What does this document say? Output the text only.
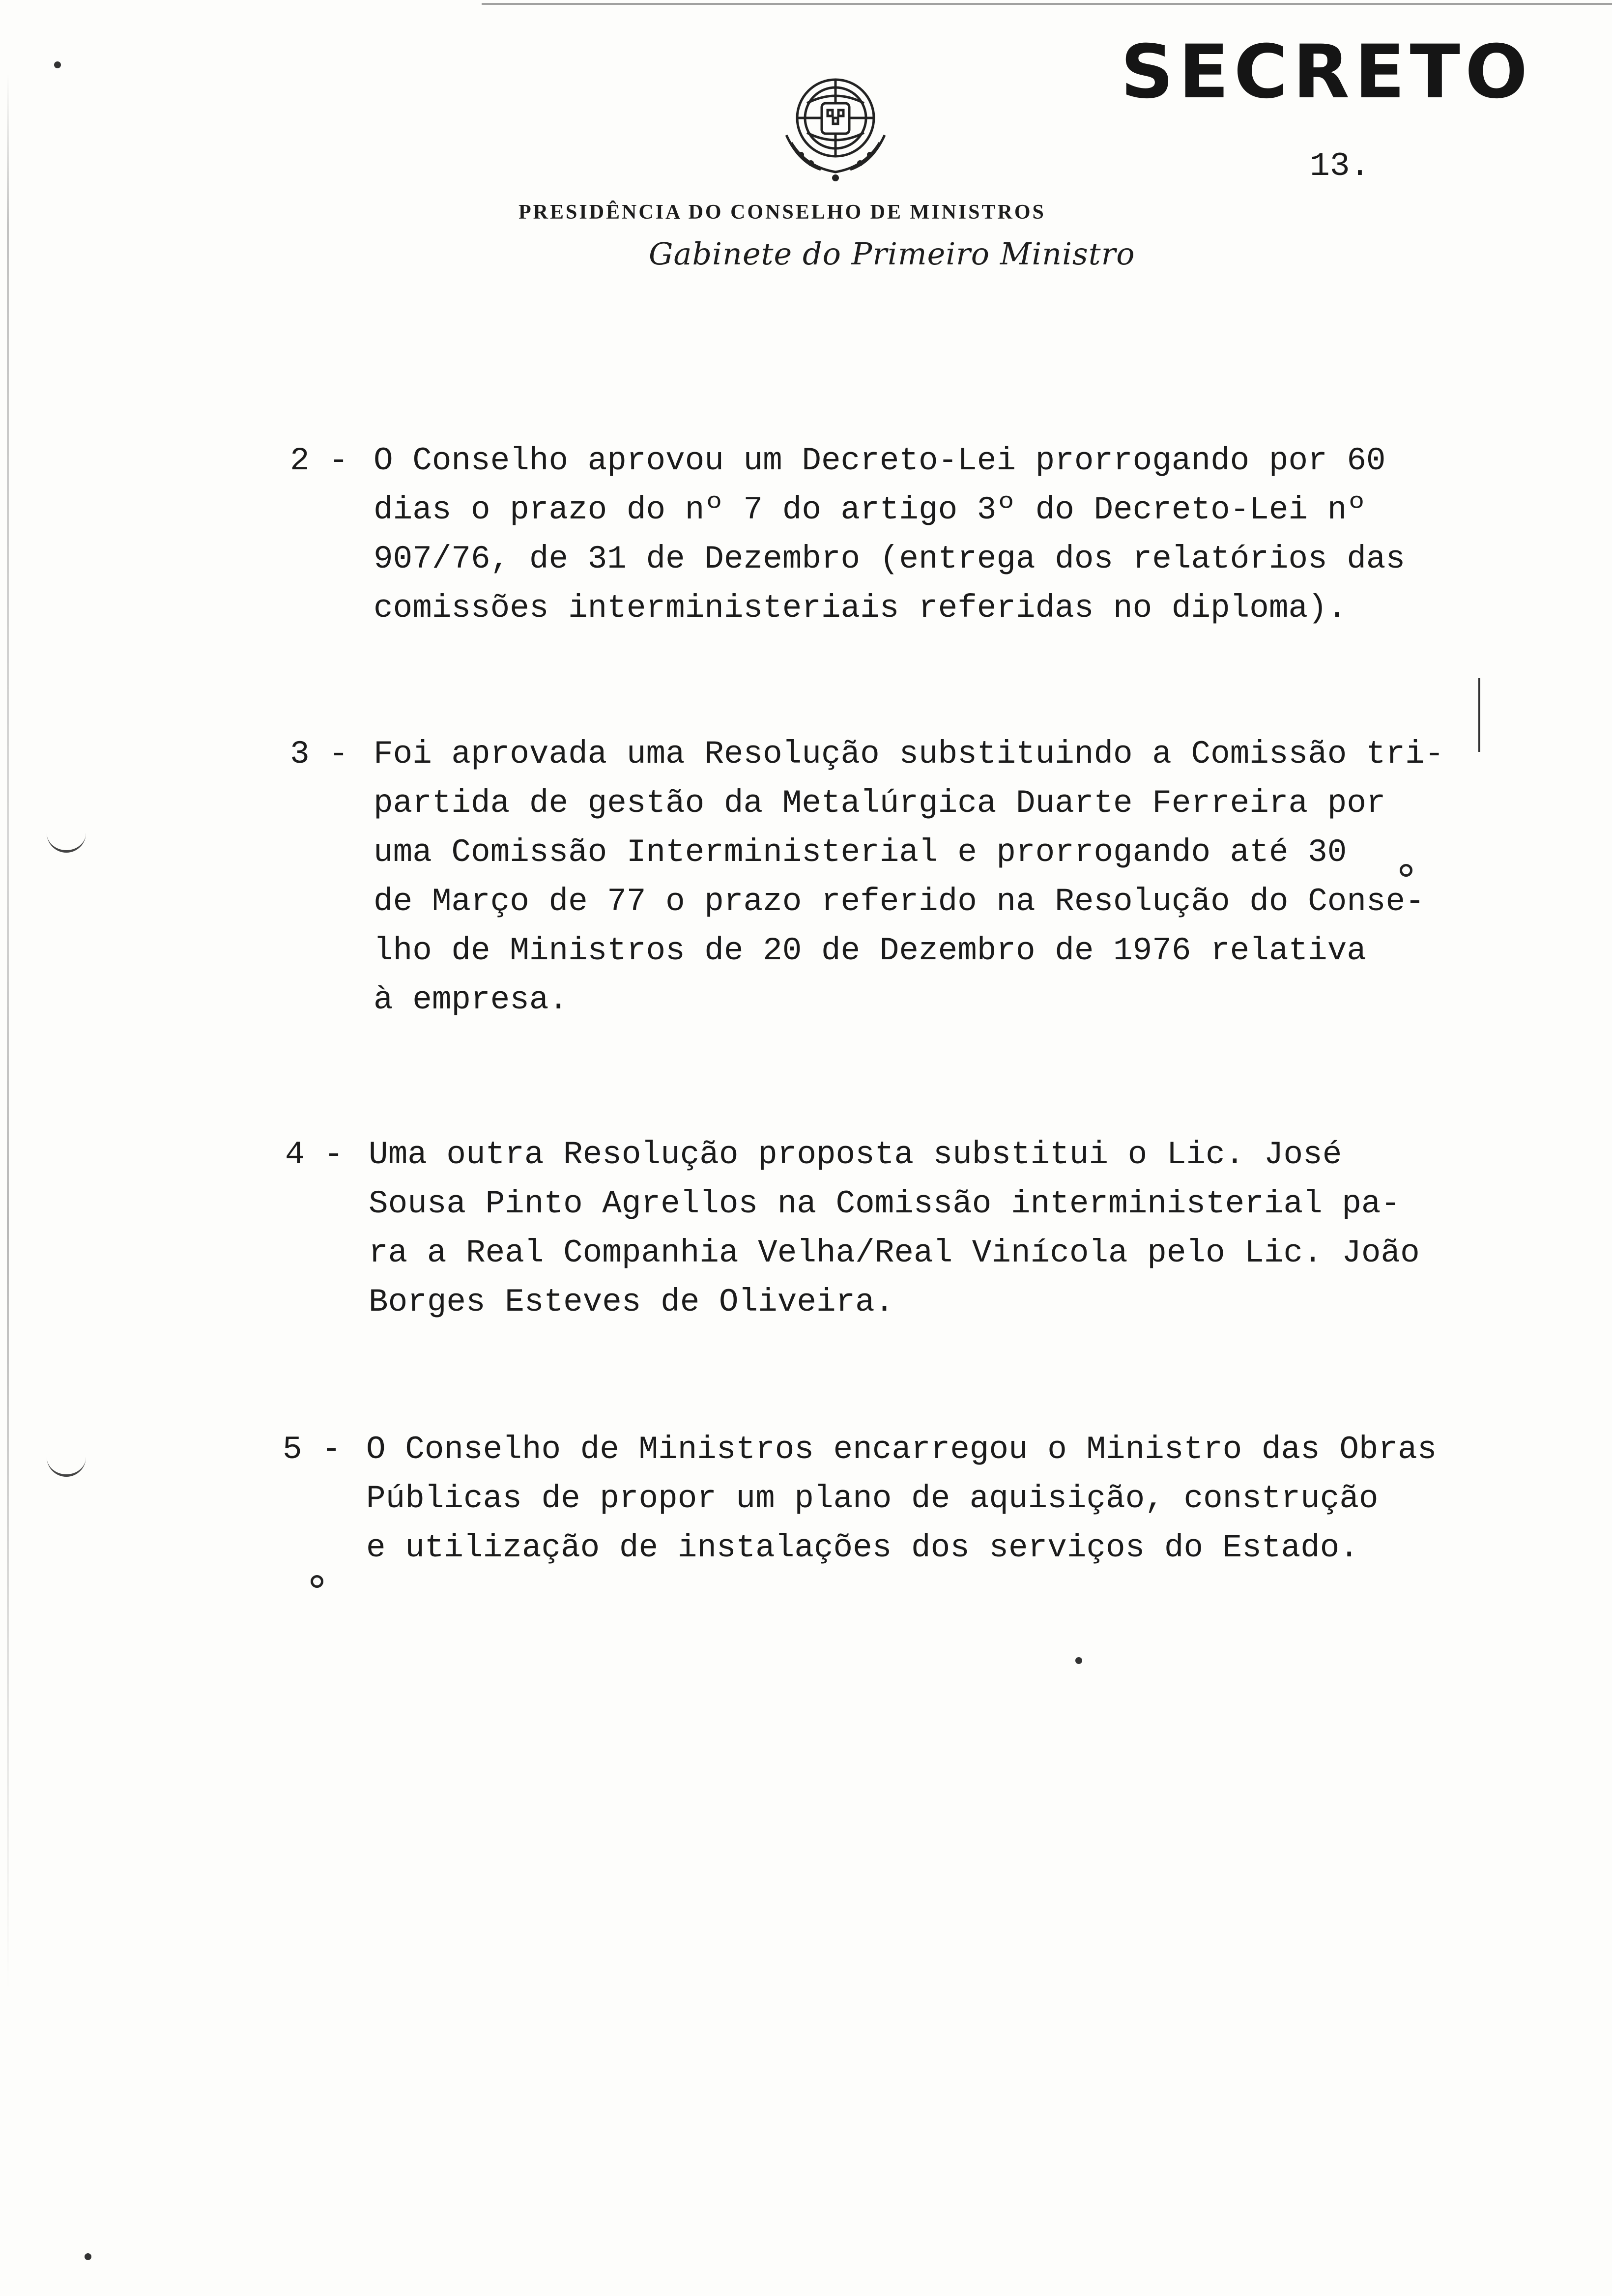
SECRETO
13.
PRESIDÊNCIA DO CONSELHO DE MINISTROS
Gabinete do Primeiro Ministro
2 - O Conselho aprovou um Decreto-Lei prorrogando por 60
dias o prazo do nº 7 do artigo 3º do Decreto-Lei nº
907/76, de 31 de Dezembro (entrega dos relatórios das
comissões interministeriais referidas no diploma).
3 - Foi aprovada uma Resolução substituindo a Comissão tri-
partida de gestão da Metalúrgica Duarte Ferreira por
uma Comissão Interministerial e prorrogando até 30
de Março de 77 o prazo referido na Resolução do Conse-
lho de Ministros de 20 de Dezembro de 1976 relativa
à empresa.
4 - Uma outra Resolução proposta substitui o Lic. José
Sousa Pinto Agrellos na Comissão interministerial pa-
ra a Real Companhia Velha/Real Vinícola pelo Lic. João
Borges Esteves de Oliveira.
5 - O Conselho de Ministros encarregou o Ministro das Obras
Públicas de propor um plano de aquisição, construção
e utilização de instalações dos serviços do Estado.
